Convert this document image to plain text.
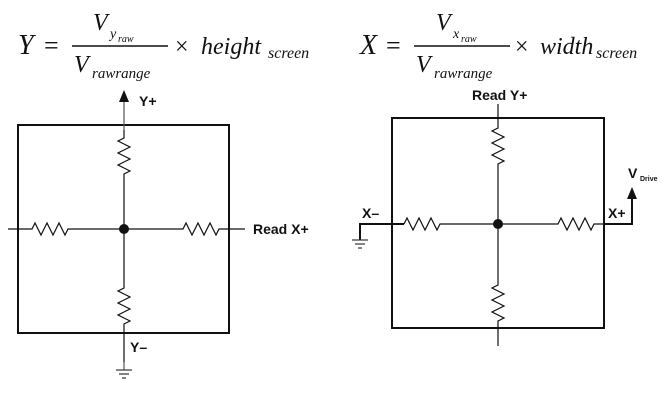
Y =
V y raw
V rawrange
× height screen X =
V x raw
V rawrange
× width screen
Y+
Read X+
Y–
Read Y+
X–	X+
V Drive
